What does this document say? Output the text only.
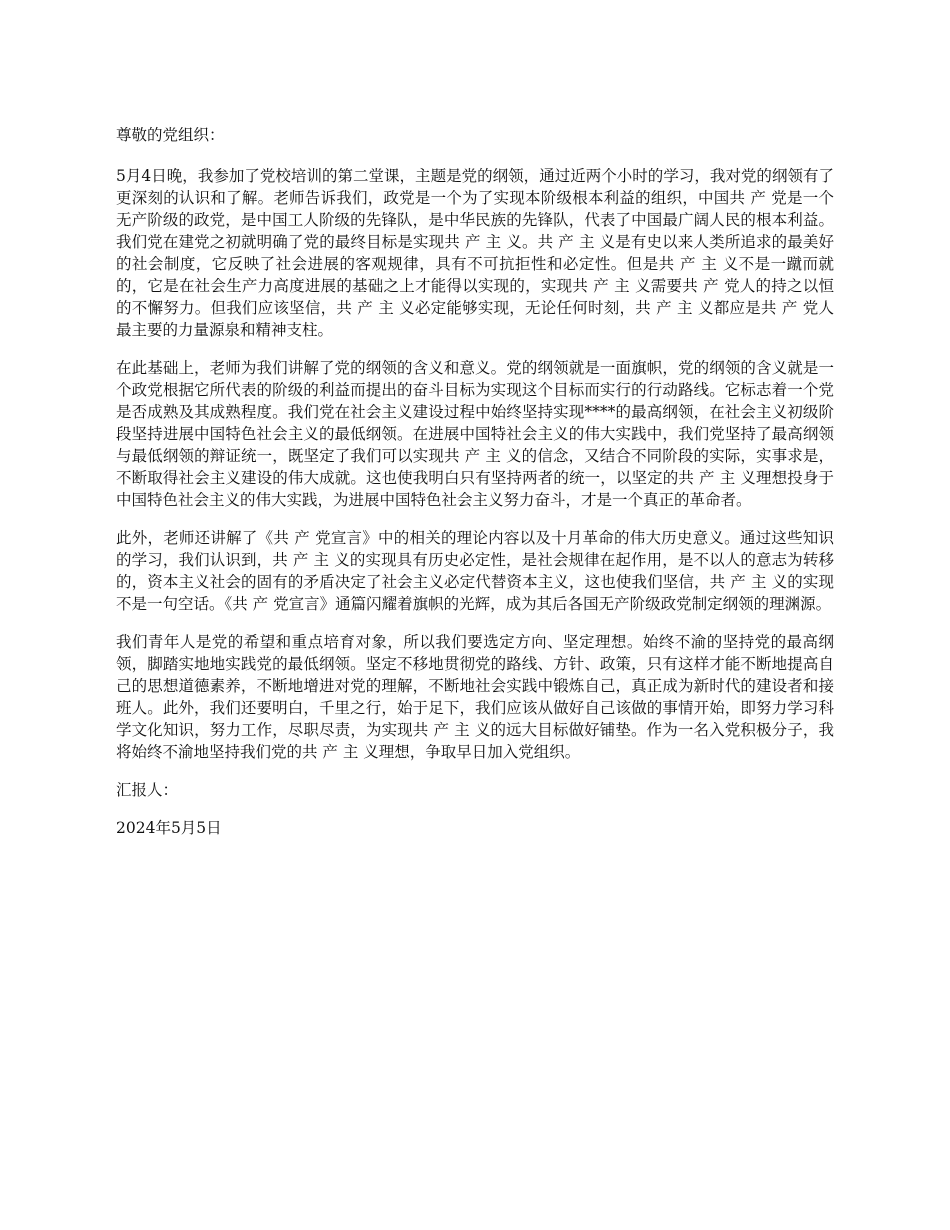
尊敬的党组织：

5月4日晚，我参加了党校培训的第二堂课，主题是党的纲领，通过近两个小时的学习，我对党的纲领有了更深刻的认识和了解。老师告诉我们，政党是一个为了实现本阶级根本利益的组织，中国共 产 党是一个无产阶级的政党，是中国工人阶级的先锋队，是中华民族的先锋队，代表了中国最广阔人民的根本利益。我们党在建党之初就明确了党的最终目标是实现共 产 主 义。共 产 主 义是有史以来人类所追求的最美好的社会制度，它反映了社会进展的客观规律，具有不可抗拒性和必定性。但是共 产 主 义不是一蹴而就的，它是在社会生产力高度进展的基础之上才能得以实现的，实现共 产 主 义需要共 产 党人的持之以恒的不懈努力。但我们应该坚信，共 产 主 义必定能够实现，无论任何时刻，共 产 主 义都应是共 产 党人最主要的力量源泉和精神支柱。

在此基础上，老师为我们讲解了党的纲领的含义和意义。党的纲领就是一面旗帜，党的纲领的含义就是一个政党根据它所代表的阶级的利益而提出的奋斗目标为实现这个目标而实行的行动路线。它标志着一个党是否成熟及其成熟程度。我们党在社会主义建设过程中始终坚持实现****的最高纲领，在社会主义初级阶段坚持进展中国特色社会主义的最低纲领。在进展中国特社会主义的伟大实践中，我们党坚持了最高纲领与最低纲领的辩证统一，既坚定了我们可以实现共 产 主 义的信念，又结合不同阶段的实际，实事求是，不断取得社会主义建设的伟大成就。这也使我明白只有坚持两者的统一，以坚定的共 产 主 义理想投身于中国特色社会主义的伟大实践，为进展中国特色社会主义努力奋斗，才是一个真正的革命者。

此外，老师还讲解了《共 产 党宣言》中的相关的理论内容以及十月革命的伟大历史意义。通过这些知识的学习，我们认识到，共 产 主 义的实现具有历史必定性，是社会规律在起作用，是不以人的意志为转移的，资本主义社会的固有的矛盾决定了社会主义必定代替资本主义，这也使我们坚信，共 产 主 义的实现不是一句空话。《共 产 党宣言》通篇闪耀着旗帜的光辉，成为其后各国无产阶级政党制定纲领的理渊源。

我们青年人是党的希望和重点培育对象，所以我们要选定方向、坚定理想。始终不渝的坚持党的最高纲领，脚踏实地地实践党的最低纲领。坚定不移地贯彻党的路线、方针、政策，只有这样才能不断地提高自己的思想道德素养，不断地增进对党的理解，不断地社会实践中锻炼自己，真正成为新时代的建设者和接班人。此外，我们还要明白，千里之行，始于足下，我们应该从做好自己该做的事情开始，即努力学习科学文化知识，努力工作，尽职尽责，为实现共 产 主 义的远大目标做好铺垫。作为一名入党积极分子，我将始终不渝地坚持我们党的共 产 主 义理想，争取早日加入党组织。

汇报人：

2024年5月5日
